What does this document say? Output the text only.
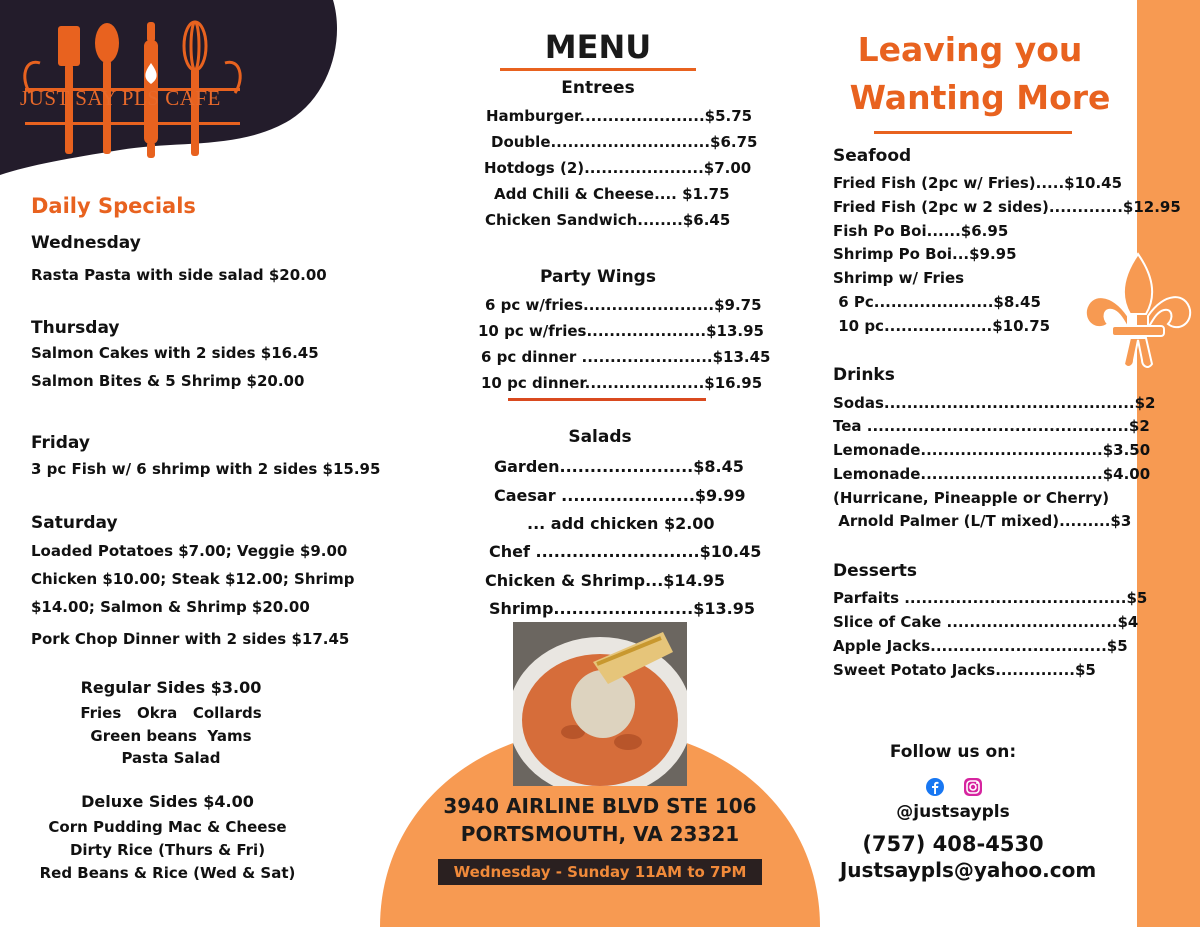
JUST SAY PLS CAFE
Daily Specials
Wednesday
Rasta Pasta with side salad $20.00
Thursday
Salmon Cakes with 2 sides $16.45
Salmon Bites & 5 Shrimp $20.00
Friday
3 pc Fish w/ 6 shrimp with 2 sides $15.95
Saturday
Loaded Potatoes $7.00; Veggie $9.00
Chicken $10.00; Steak $12.00; Shrimp
$14.00; Salmon & Shrimp $20.00
Pork Chop Dinner with 2 sides $17.45
Regular Sides $3.00
Fries   Okra   Collards
Green beans  Yams
Pasta Salad
Deluxe Sides $4.00
Corn Pudding Mac & Cheese
Dirty Rice (Thurs & Fri)
Red Beans & Rice (Wed & Sat)
MENU
Entrees
Hamburger......................$5.75
Double............................$6.75
Hotdogs (2).....................$7.00
Add Chili & Cheese.... $1.75
Chicken Sandwich........$6.45
Party Wings
6 pc w/fries.......................$9.75
10 pc w/fries.....................$13.95
6 pc dinner .......................$13.45
10 pc dinner.....................$16.95
Salads
Garden......................$8.45
Caesar ......................$9.99
... add chicken $2.00
Chef ...........................$10.45
Chicken & Shrimp...$14.95
Shrimp.......................$13.95
3940 AIRLINE BLVD STE 106
PORTSMOUTH, VA 23321
Wednesday - Sunday 11AM to 7PM
Leaving you
Wanting More
Seafood
Fried Fish (2pc w/ Fries).....$10.45
Fried Fish (2pc w 2 sides).............$12.95
Fish Po Boi......$6.95
Shrimp Po Boi...$9.95
Shrimp w/ Fries
6 Pc.....................$8.45
10 pc...................$10.75
Drinks
Sodas............................................$2
Tea ..............................................$2
Lemonade................................$3.50
Lemonade................................$4.00
(Hurricane, Pineapple or Cherry)
Arnold Palmer (L/T mixed).........$3
Desserts
Parfaits .......................................$5
Slice of Cake ..............................$4
Apple Jacks...............................$5
Sweet Potato Jacks..............$5
Follow us on:
@justsaypls
(757) 408-4530
Justsaypls@yahoo.com
